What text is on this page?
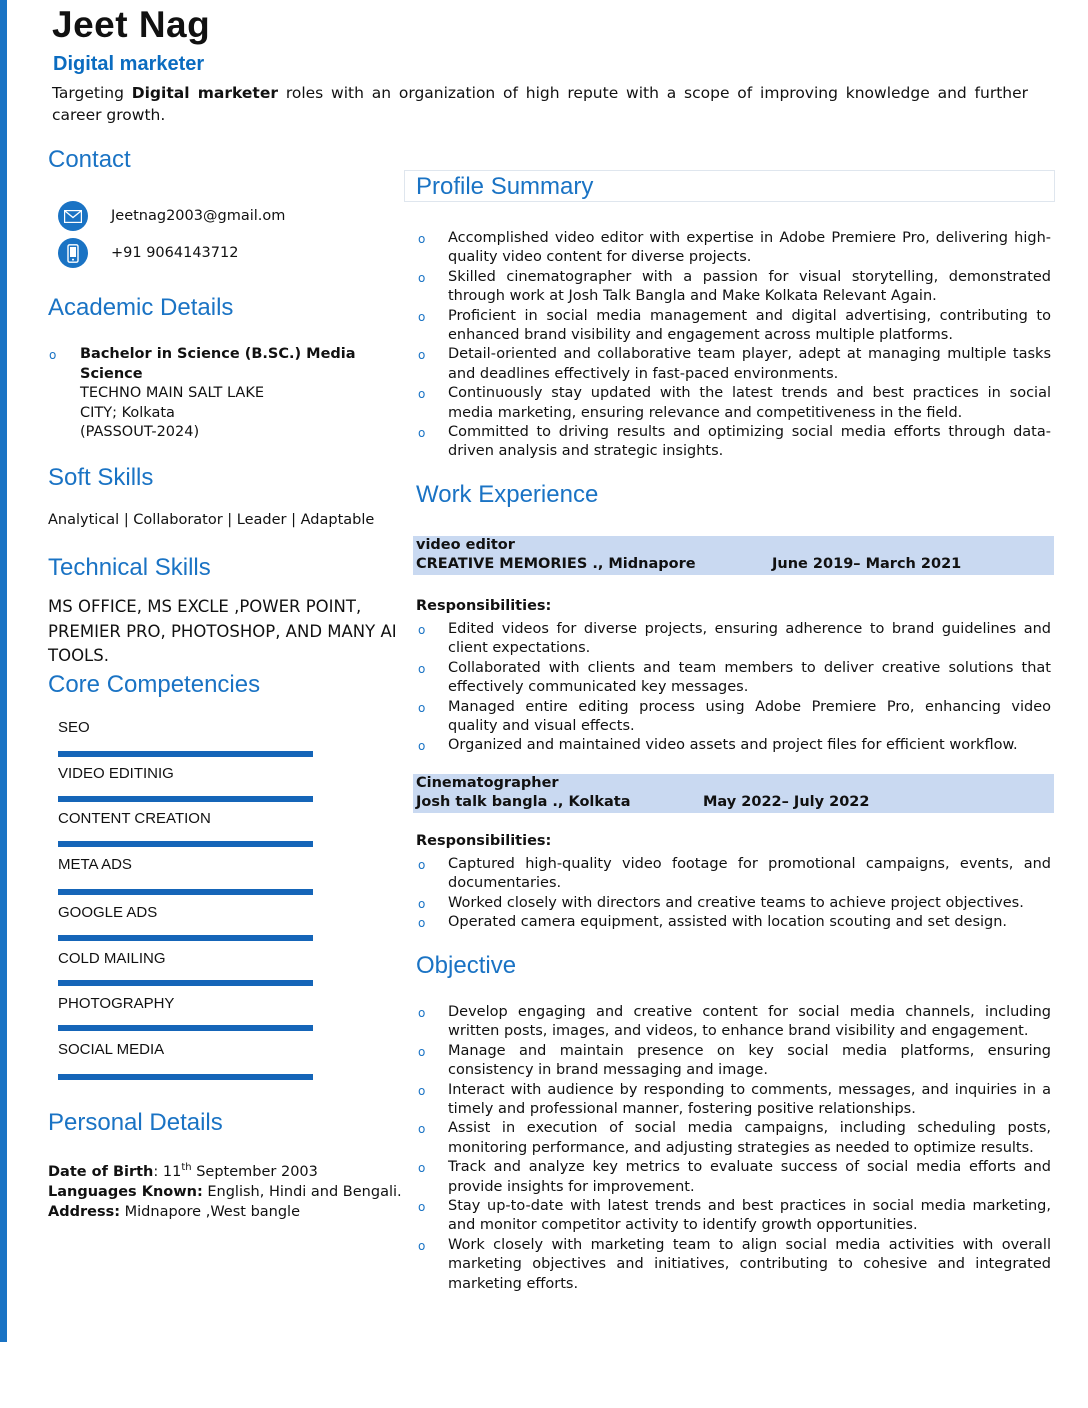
Jeet Nag
Digital marketer
Targeting Digital marketer roles with an organization of high repute with a scope of improving knowledge and further career growth.
Contact
Jeetnag2003@gmail.om
+91 9064143712
Academic Details
o Bachelor in Science (B.SC.) Media Science
TECHNO MAIN SALT LAKE
CITY; Kolkata
(PASSOUT-2024)
Soft Skills
Analytical | Collaborator | Leader | Adaptable
Technical Skills
MS OFFICE, MS EXCLE ,POWER POINT, PREMIER PRO, PHOTOSHOP, AND MANY AI TOOLS.
Core Competencies
SEO
VIDEO EDITINIG
CONTENT CREATION
META ADS
GOOGLE ADS
COLD MAILING
PHOTOGRAPHY
SOCIAL MEDIA
Personal Details
Date of Birth: 11th September 2003
Languages Known: English, Hindi and Bengali.
Address: Midnapore ,West bangle
Profile Summary
o Accomplished video editor with expertise in Adobe Premiere Pro, delivering high-quality video content for diverse projects.
o Skilled cinematographer with a passion for visual storytelling, demonstrated through work at Josh Talk Bangla and Make Kolkata Relevant Again.
o Proficient in social media management and digital advertising, contributing to enhanced brand visibility and engagement across multiple platforms.
o Detail-oriented and collaborative team player, adept at managing multiple tasks and deadlines effectively in fast-paced environments.
o Continuously stay updated with the latest trends and best practices in social media marketing, ensuring relevance and competitiveness in the field.
o Committed to driving results and optimizing social media efforts through data-driven analysis and strategic insights.
Work Experience
video editor
CREATIVE MEMORIES ., Midnapore	June 2019– March 2021
Responsibilities:
o Edited videos for diverse projects, ensuring adherence to brand guidelines and client expectations.
o Collaborated with clients and team members to deliver creative solutions that effectively communicated key messages.
o Managed entire editing process using Adobe Premiere Pro, enhancing video quality and visual effects.
o Organized and maintained video assets and project files for efficient workflow.
Cinematographer
Josh talk bangla ., Kolkata	May 2022– July 2022
Responsibilities:
o Captured high-quality video footage for promotional campaigns, events, and documentaries.
o Worked closely with directors and creative teams to achieve project objectives.
o Operated camera equipment, assisted with location scouting and set design.
Objective
o Develop engaging and creative content for social media channels, including written posts, images, and videos, to enhance brand visibility and engagement.
o Manage and maintain presence on key social media platforms, ensuring consistency in brand messaging and image.
o Interact with audience by responding to comments, messages, and inquiries in a timely and professional manner, fostering positive relationships.
o Assist in execution of social media campaigns, including scheduling posts, monitoring performance, and adjusting strategies as needed to optimize results.
o Track and analyze key metrics to evaluate success of social media efforts and provide insights for improvement.
o Stay up-to-date with latest trends and best practices in social media marketing, and monitor competitor activity to identify growth opportunities.
o Work closely with marketing team to align social media activities with overall marketing objectives and initiatives, contributing to cohesive and integrated marketing efforts.
